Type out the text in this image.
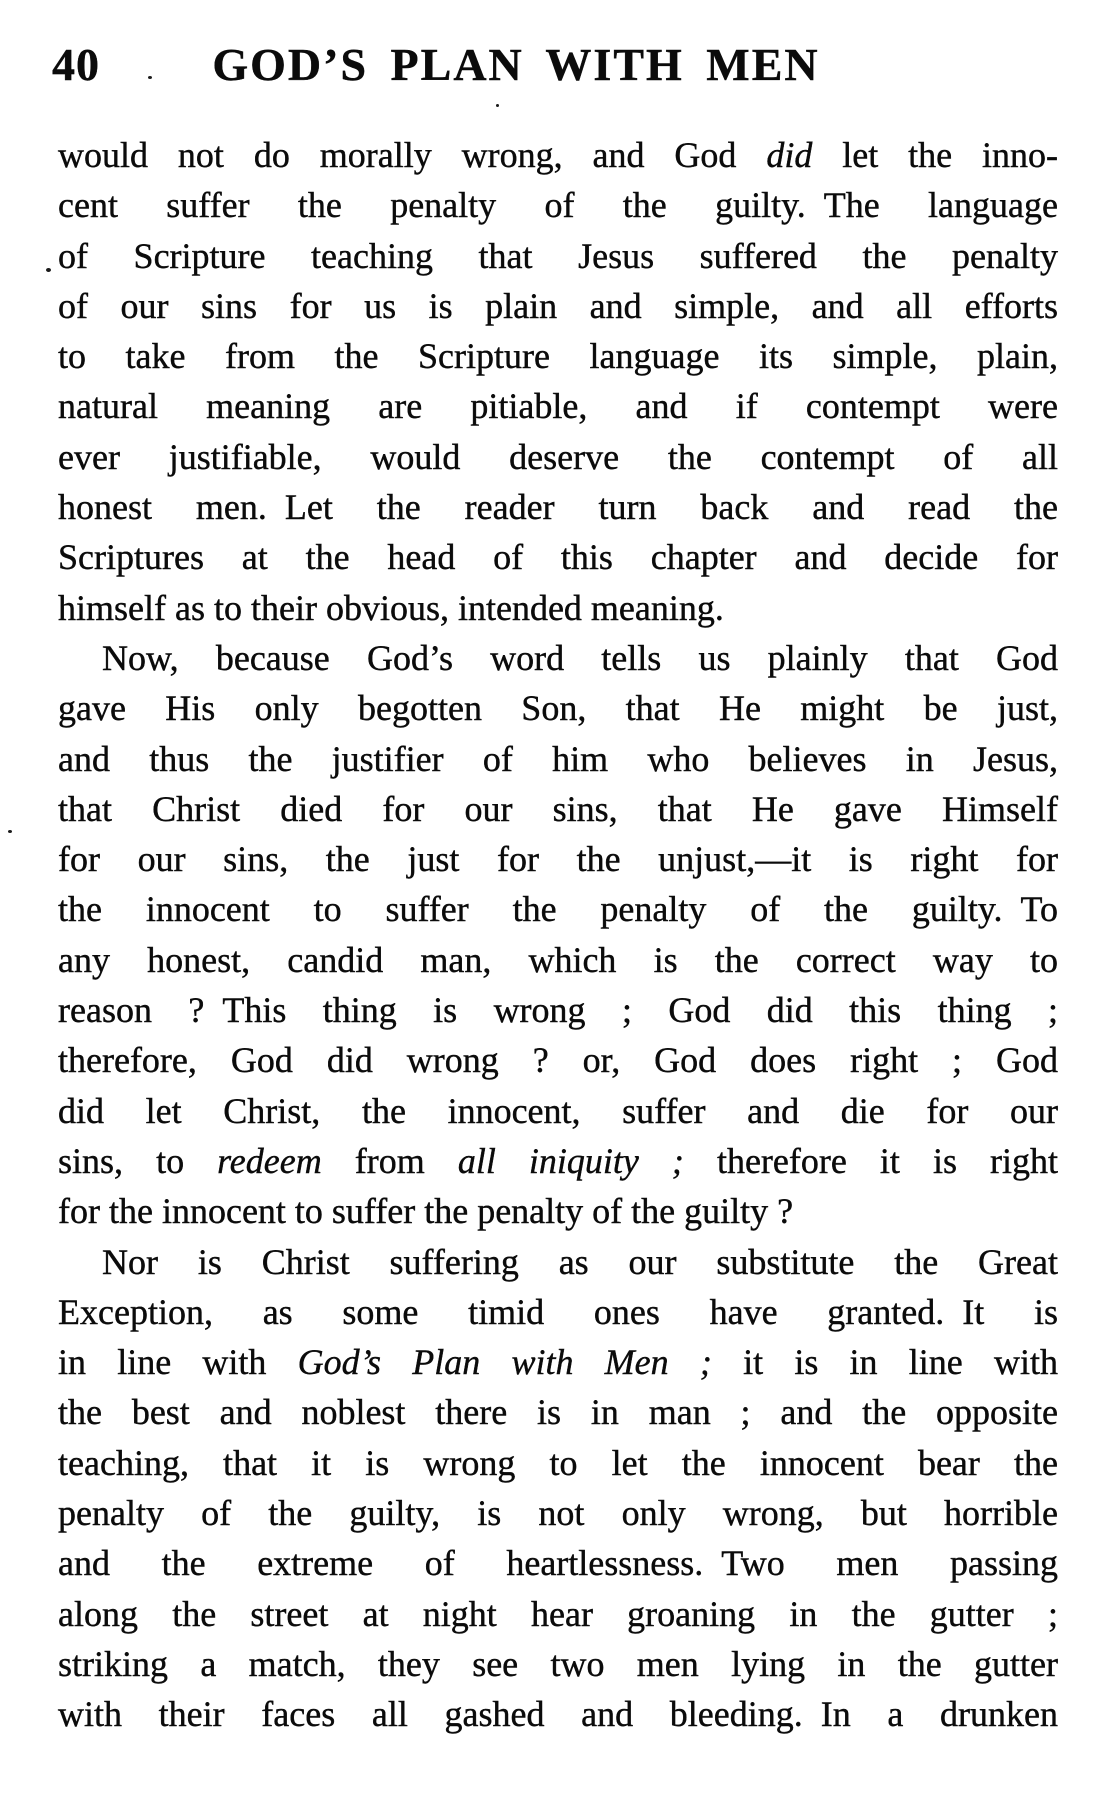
40	GOD’S PLAN WITH MEN
would not do morally wrong, and God did let the inno-
cent suffer the penalty of the guilty. The language
of Scripture teaching that Jesus suffered the penalty
of our sins for us is plain and simple, and all efforts
to take from the Scripture language its simple, plain,
natural meaning are pitiable, and if contempt were
ever justifiable, would deserve the contempt of all
honest men. Let the reader turn back and read the
Scriptures at the head of this chapter and decide for
himself as to their obvious, intended meaning.
Now, because God’s word tells us plainly that God
gave His only begotten Son, that He might be just,
and thus the justifier of him who believes in Jesus,
that Christ died for our sins, that He gave Himself
for our sins, the just for the unjust,—it is right for
the innocent to suffer the penalty of the guilty. To
any honest, candid man, which is the correct way to
reason ? This thing is wrong ; God did this thing ;
therefore, God did wrong ? or, God does right ; God
did let Christ, the innocent, suffer and die for our
sins, to redeem from all iniquity ; therefore it is right
for the innocent to suffer the penalty of the guilty ?
Nor is Christ suffering as our substitute the Great
Exception, as some timid ones have granted. It is
in line with God’s Plan with Men ; it is in line with
the best and noblest there is in man ; and the opposite
teaching, that it is wrong to let the innocent bear the
penalty of the guilty, is not only wrong, but horrible
and the extreme of heartlessness. Two men passing
along the street at night hear groaning in the gutter ;
striking a match, they see two men lying in the gutter
with their faces all gashed and bleeding. In a drunken
